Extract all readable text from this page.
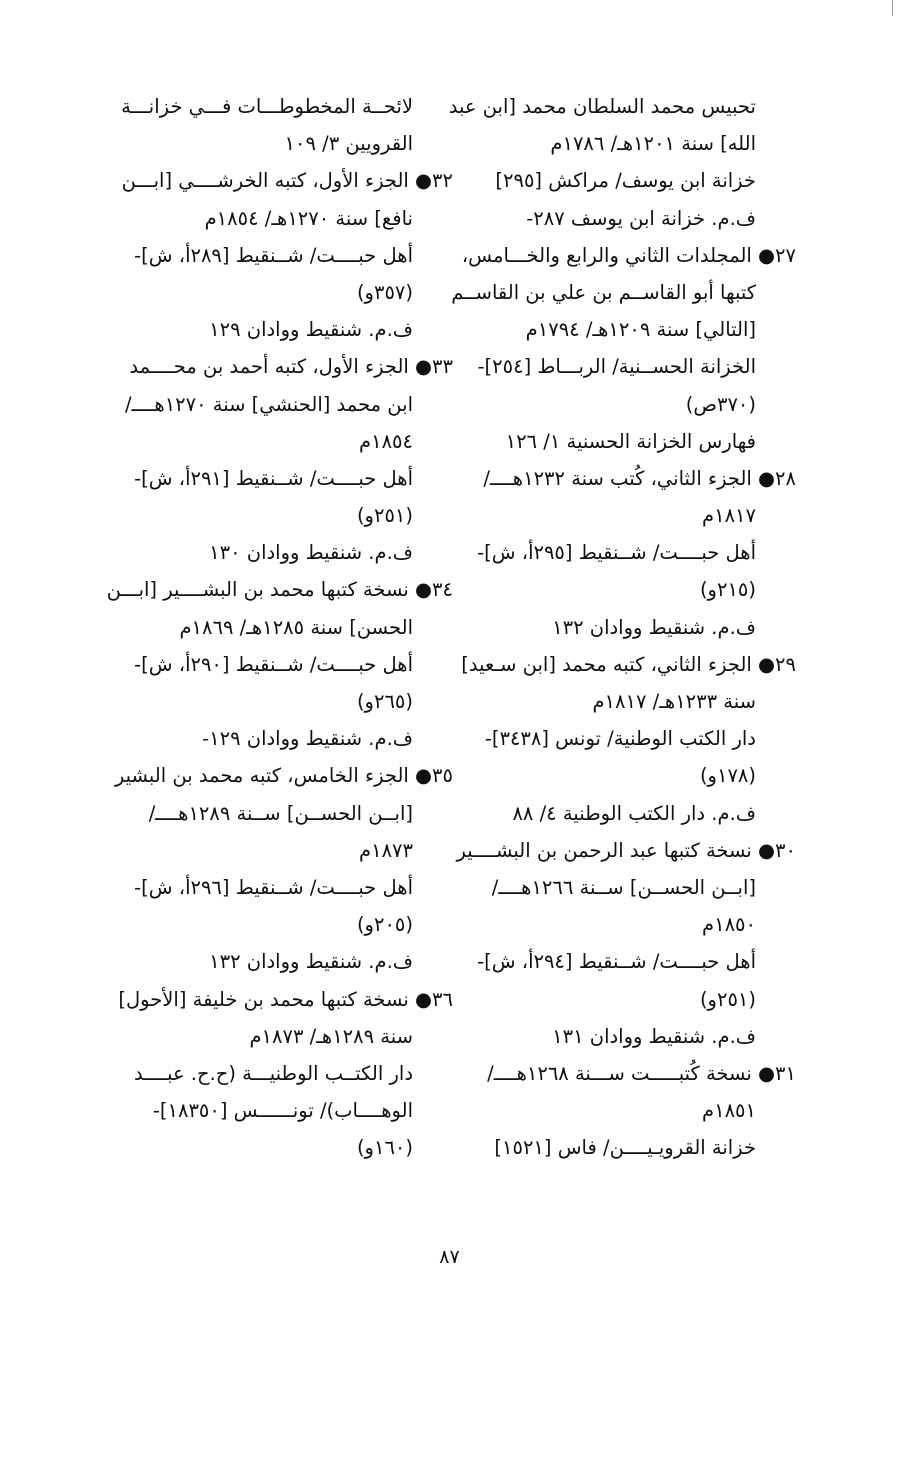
تحبيس محمد السلطان محمد [ابن عبد
الله] سنة ١٢٠١هـ/ ١٧٨٦م
خزانة ابن يوسف/ مراكش [٢٩٥]
ف.م. خزانة ابن يوسف ٢٨٧-
٢٧● المجلدات الثاني والرابع والخـــامس،
كتبها أبو القاســم بن علي بن القاســم
[التالي] سنة ١٢٠٩هـ/ ١٧٩٤م
الخزانة الحســنية/ الربـــاط [٢٥٤]-
(٣٧٠ص)
فهارس الخزانة الحسنية ١/ ١٢٦
٢٨● الجزء الثاني، كُتب سنة ١٢٣٢هــــ/
١٨١٧م
أهل حبــــت/ شــنقيط [٢٩٥أ، ش]-
(٢١٥و)
ف.م. شنقيط ووادان ١٣٢
٢٩● الجزء الثاني، كتبه محمد [ابن سـعيد]
سنة ١٢٣٣هـ/ ١٨١٧م
دار الكتب الوطنية/ تونس [٣٤٣٨]-
(١٧٨و)
ف.م. دار الكتب الوطنية ٤/ ٨٨
٣٠● نسخة كتبها عبد الرحمن بن البشــــير
[ابــن الحســن] ســنة ١٢٦٦هــــ/
١٨٥٠م
أهل حبــــت/ شــنقيط [٢٩٤أ، ش]-
(٢٥١و)
ف.م. شنقيط ووادان ١٣١
٣١● نسخة كُتبـــــت ســـنة ١٢٦٨هــــ/
١٨٥١م
خزانة القرويـيــــن/ فاس [١٥٢١]
لائحــة المخطوطـــات فـــي خزانـــة
القرويين ٣/ ١٠٩
٣٢● الجزء الأول، كتبه الخرشــــي [ابـــن
نافع] سنة ١٢٧٠هـ/ ١٨٥٤م
أهل حبــــت/ شــنقيط [٢٨٩أ، ش]-
(٣٥٧و)
ف.م. شنقيط ووادان ١٢٩
٣٣● الجزء الأول، كتبه أحمد بن محــــمد
ابن محمد [الحنشي] سنة ١٢٧٠هــــ/
١٨٥٤م
أهل حبــــت/ شــنقيط [٢٩١أ، ش]-
(٢٥١و)
ف.م. شنقيط ووادان ١٣٠
٣٤● نسخة كتبها محمد بن البشــــير [ابـــن
الحسن] سنة ١٢٨٥هـ/ ١٨٦٩م
أهل حبــــت/ شــنقيط [٢٩٠أ، ش]-
(٢٦٥و)
ف.م. شنقيط ووادان ١٢٩-
٣٥● الجزء الخامس، كتبه محمد بن البشير
[ابــن الحســن] ســنة ١٢٨٩هــــ/
١٨٧٣م
أهل حبــــت/ شــنقيط [٢٩٦أ، ش]-
(٢٠٥و)
ف.م. شنقيط ووادان ١٣٢
٣٦● نسخة كتبها محمد بن خليفة [الأحول]
سنة ١٢٨٩هـ/ ١٨٧٣م
دار الكتــب الوطنيـــة (ح.ح. عبــــد
الوهــــاب)/ تونــــــس [١٨٣٥٠]-
(١٦٠و)
٨٧
